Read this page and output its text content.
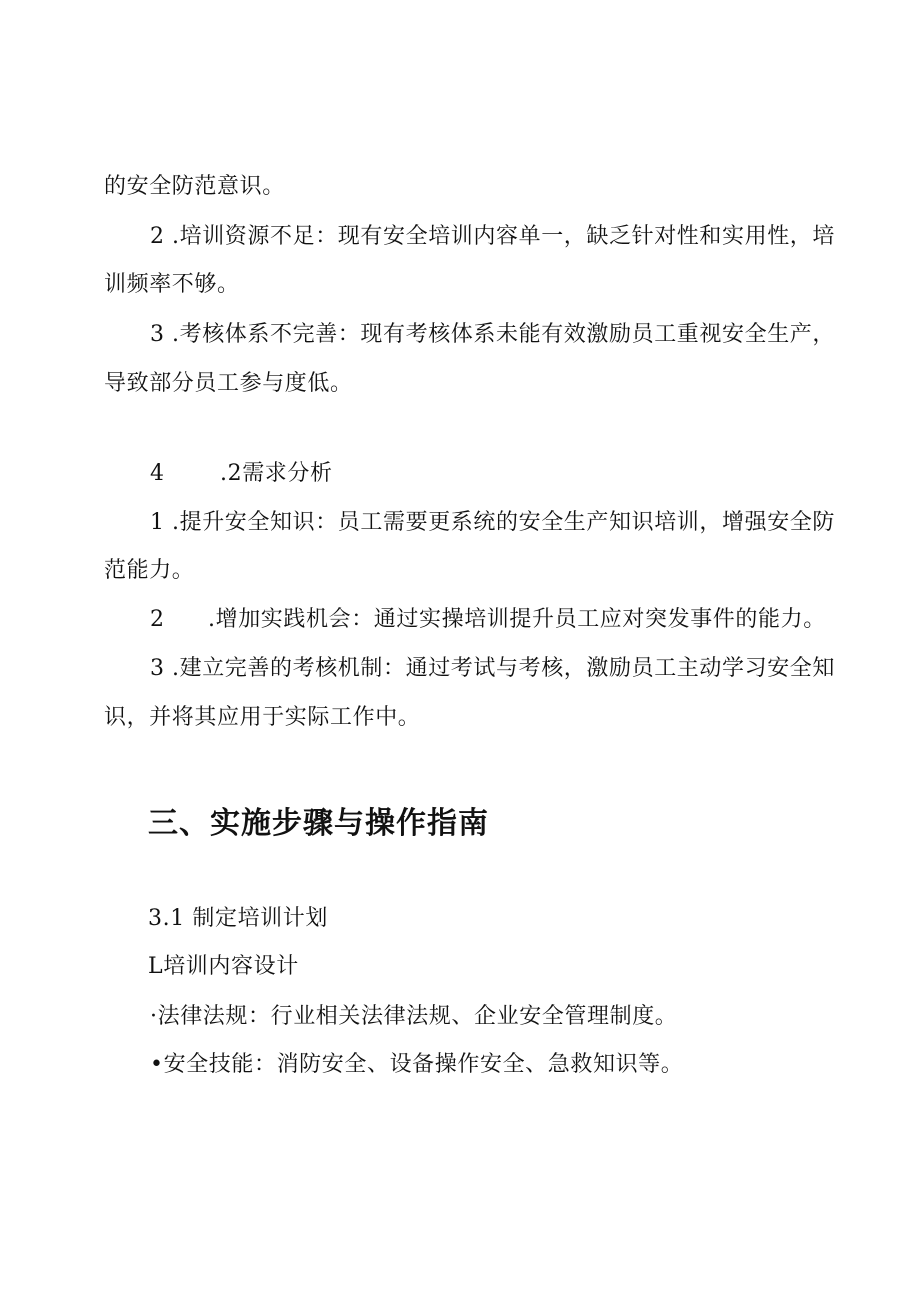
的安全防范意识。
2 .培训资源不足：现有安全培训内容单一，缺乏针对性和实用性，培
训频率不够。
3 .考核体系不完善：现有考核体系未能有效激励员工重视安全生产，
导致部分员工参与度低。
4	.2需求分析
1 .提升安全知识：员工需要更系统的安全生产知识培训，增强安全防
范能力。
2 .增加实践机会：通过实操培训提升员工应对突发事件的能力。
3 .建立完善的考核机制：通过考试与考核，激励员工主动学习安全知
识，并将其应用于实际工作中。
三、实施步骤与操作指南
3.1 制定培训计划
L培训内容设计
·法律法规：行业相关法律法规、企业安全管理制度。
•安全技能：消防安全、设备操作安全、急救知识等。
